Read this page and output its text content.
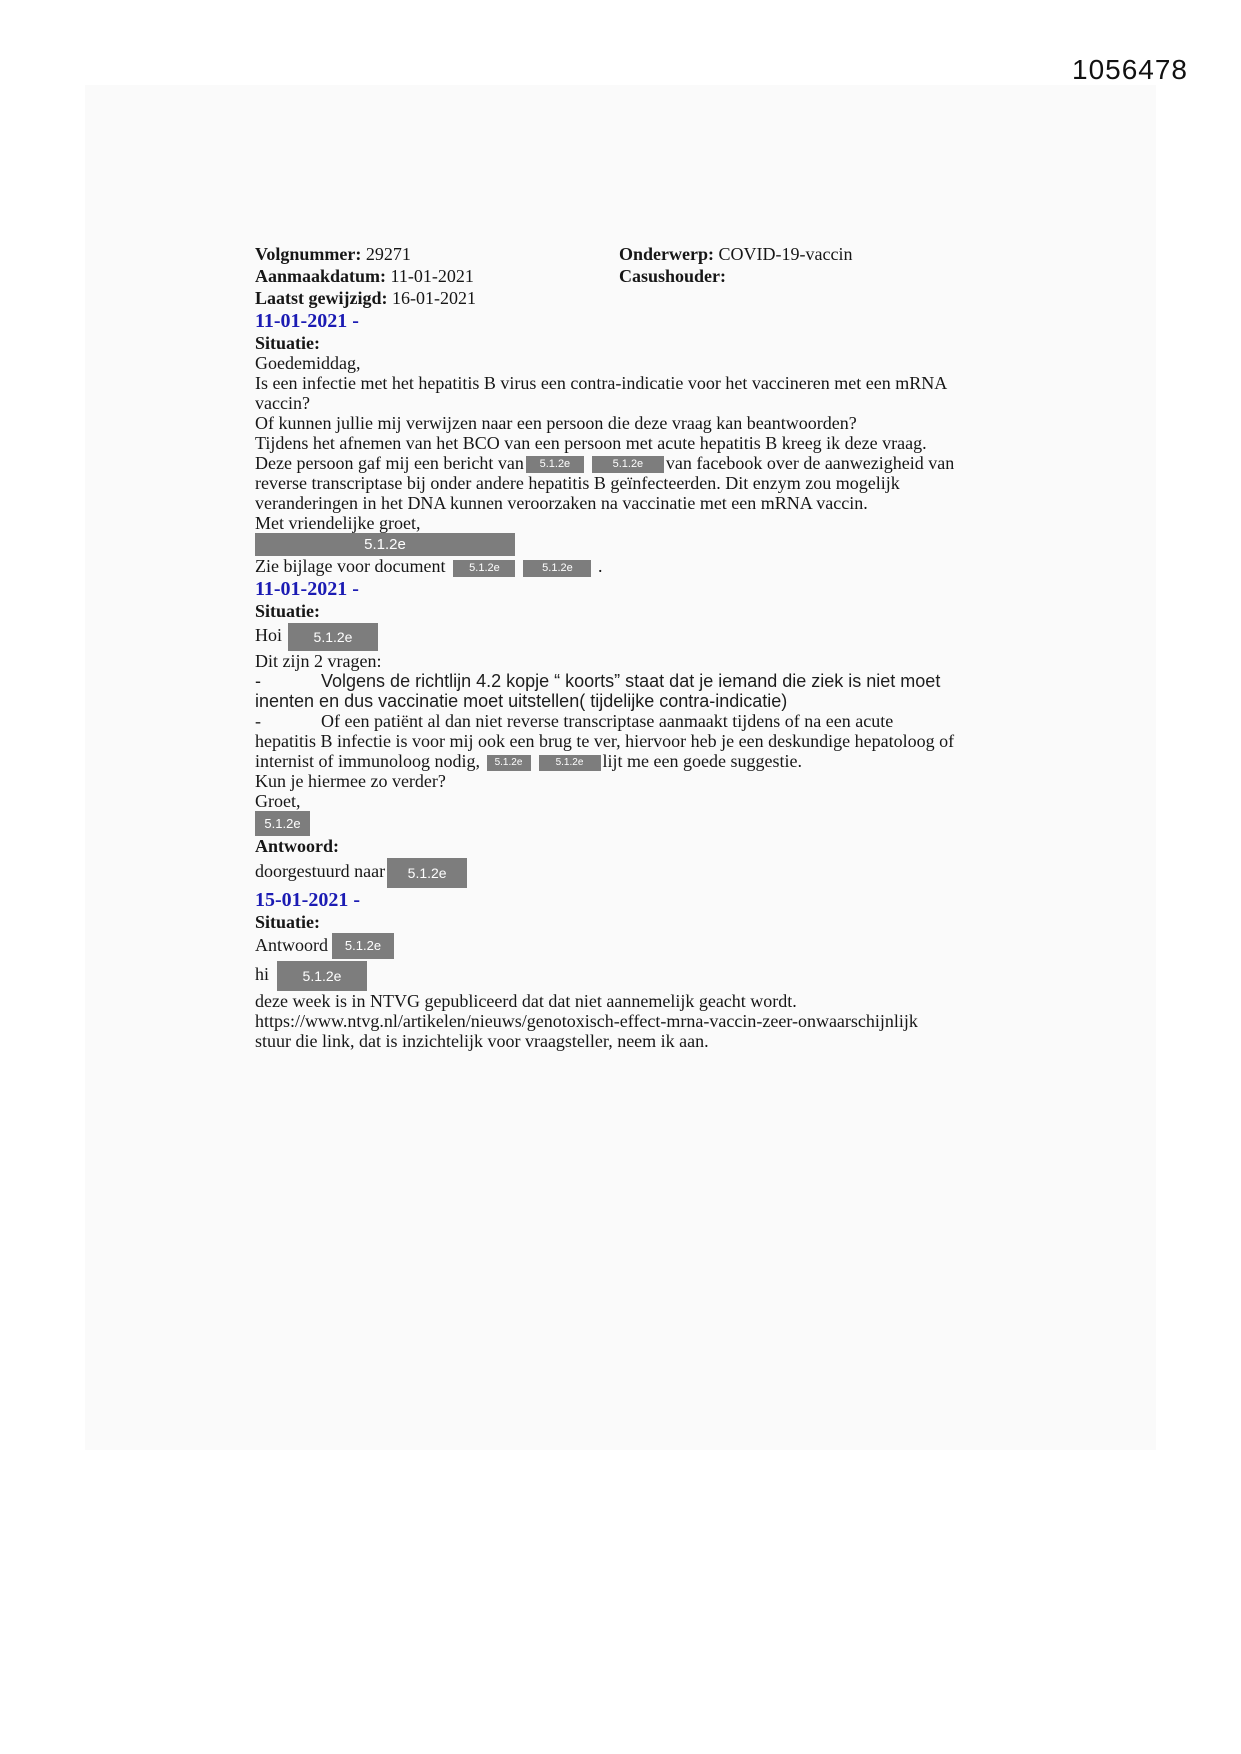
1056478
Volgnummer: 29271	Onderwerp: COVID-19-vaccin
Aanmaakdatum: 11-01-2021	Casushouder:
Laatst gewijzigd: 16-01-2021
11-01-2021 -
Situatie:

Goedemiddag,

Is een infectie met het hepatitis B virus een contra-indicatie voor het vaccineren met een mRNA vaccin?

Of kunnen jullie mij verwijzen naar een persoon die deze vraag kan beantwoorden?

Tijdens het afnemen van het BCO van een persoon met acute hepatitis B kreeg ik deze vraag.

Deze persoon gaf mij een bericht van 5.1.2e	5.1.2e van facebook over de aanwezigheid van reverse transcriptase bij onder andere hepatitis B geïnfecteerden. Dit enzym zou mogelijk veranderingen in het DNA kunnen veroorzaken na vaccinatie met een mRNA vaccin.

Met vriendelijke groet,

5.1.2e

Zie bijlage voor document 5.1.2e	5.1.2e .

11-01-2021 -
Situatie:

Hoi 5.1.2e

Dit zijn 2 vragen:

-	Volgens de richtlijn 4.2 kopje “ koorts” staat dat je iemand die ziek is niet moet inenten en dus vaccinatie moet uitstellen( tijdelijke contra-indicatie)

-	Of een patiënt al dan niet reverse transcriptase aanmaakt tijdens of na een acute hepatitis B infectie is voor mij ook een brug te ver, hiervoor heb je een deskundige hepatoloog of internist of immunoloog nodig, 5.1.2e	5.1.2e lijt me een goede suggestie.

Kun je hiermee zo verder?

Groet,

5.1.2e
Antwoord:

doorgestuurd naar 5.1.2e

15-01-2021 -
Situatie:

Antwoord 5.1.2e

hi 5.1.2e

deze week is in NTVG gepubliceerd dat dat niet aannemelijk geacht wordt.

https://www.ntvg.nl/artikelen/nieuws/genotoxisch-effect-mrna-vaccin-zeer-onwaarschijnlijk

stuur die link, dat is inzichtelijk voor vraagsteller, neem ik aan.
